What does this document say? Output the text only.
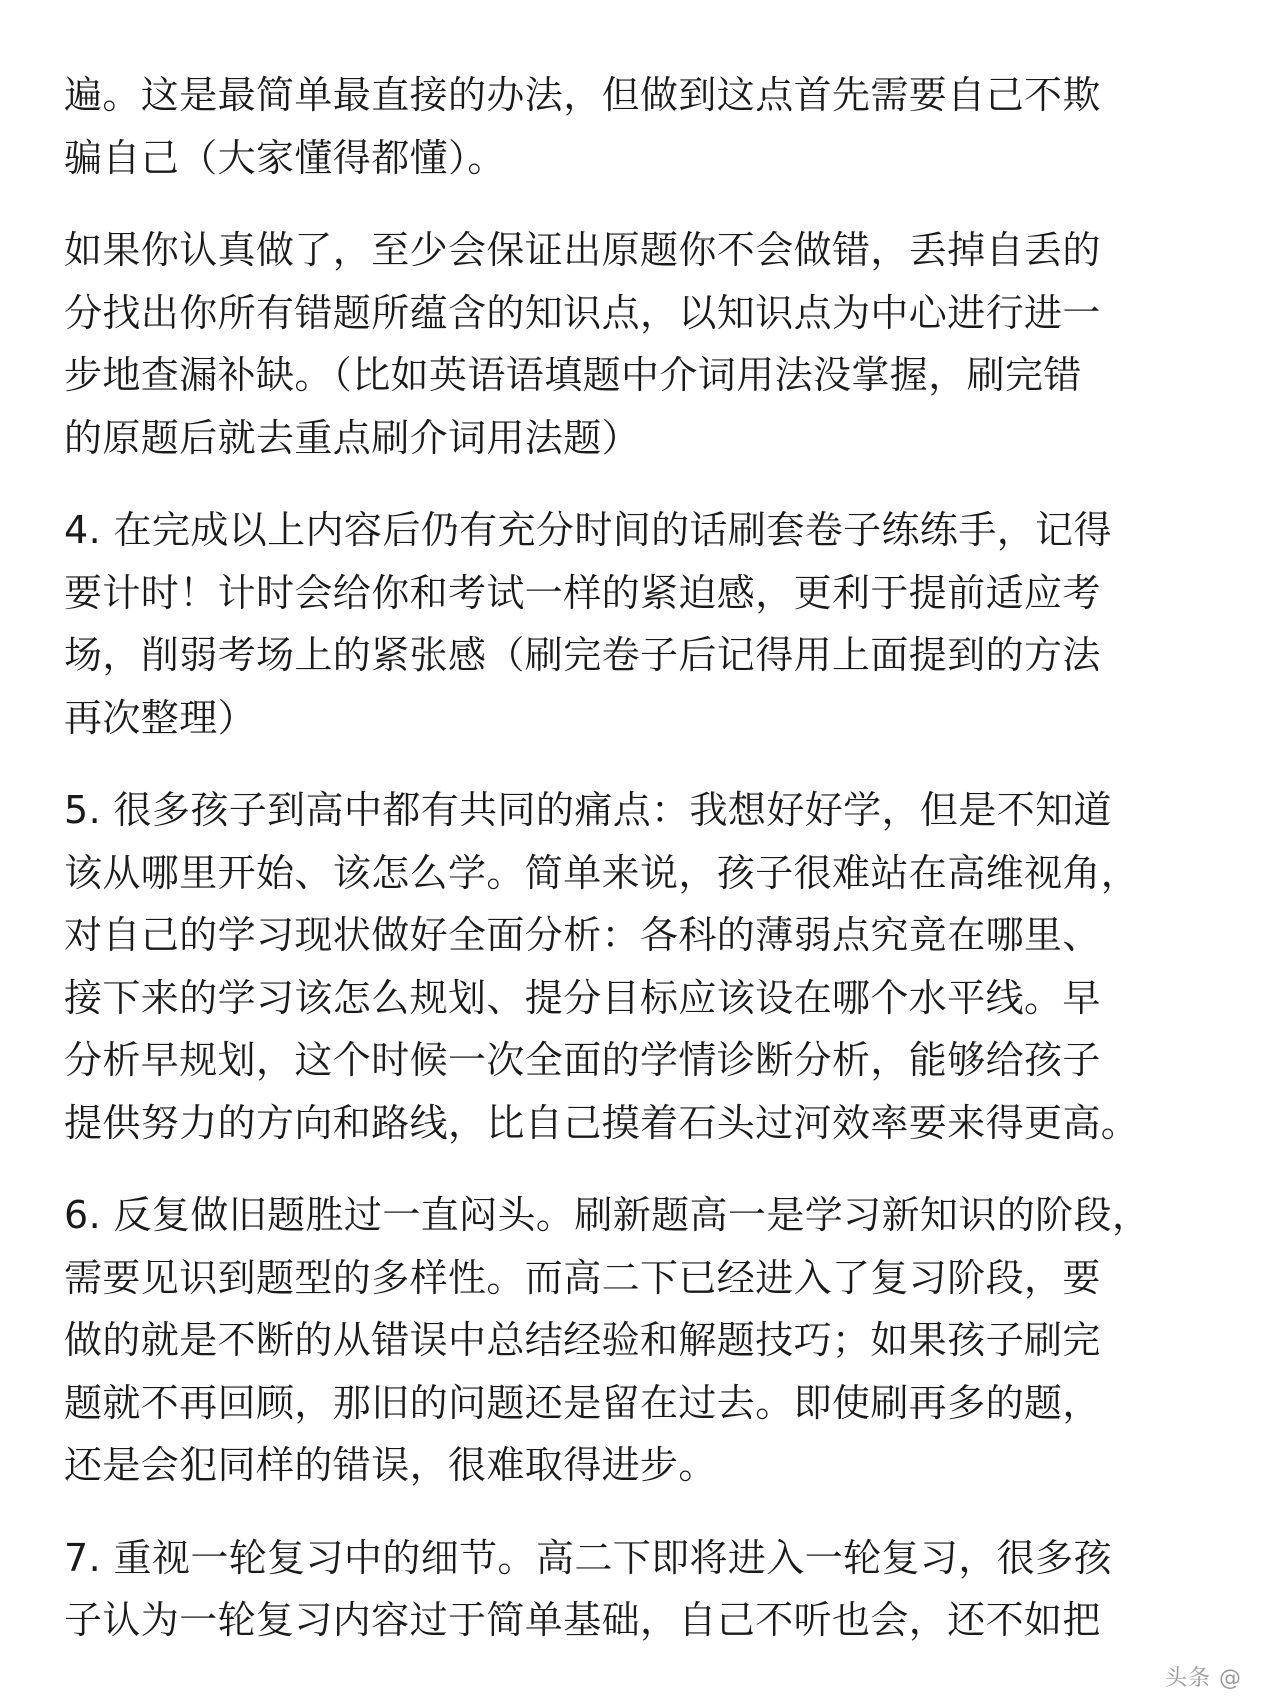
遍。这是最简单最直接的办法，但做到这点首先需要自己不欺
骗自己（大家懂得都懂）。
如果你认真做了，至少会保证出原题你不会做错，丢掉自丢的
分找出你所有错题所蕴含的知识点，以知识点为中心进行进一
步地查漏补缺。（比如英语语填题中介词用法没掌握，刷完错
的原题后就去重点刷介词用法题）
4. 在完成以上内容后仍有充分时间的话刷套卷子练练手，记得
要计时！计时会给你和考试一样的紧迫感，更利于提前适应考
场，削弱考场上的紧张感（刷完卷子后记得用上面提到的方法
再次整理）
5. 很多孩子到高中都有共同的痛点：我想好好学，但是不知道
该从哪里开始、该怎么学。简单来说，孩子很难站在高维视角，
对自己的学习现状做好全面分析：各科的薄弱点究竟在哪里、
接下来的学习该怎么规划、提分目标应该设在哪个水平线。早
分析早规划，这个时候一次全面的学情诊断分析，能够给孩子
提供努力的方向和路线，比自己摸着石头过河效率要来得更高。
6. 反复做旧题胜过一直闷头。刷新题高一是学习新知识的阶段，
需要见识到题型的多样性。而高二下已经进入了复习阶段，要
做的就是不断的从错误中总结经验和解题技巧；如果孩子刷完
题就不再回顾，那旧的问题还是留在过去。即使刷再多的题，
还是会犯同样的错误，很难取得进步。
7. 重视一轮复习中的细节。高二下即将进入一轮复习，很多孩
子认为一轮复习内容过于简单基础，自己不听也会，还不如把
头条 @
